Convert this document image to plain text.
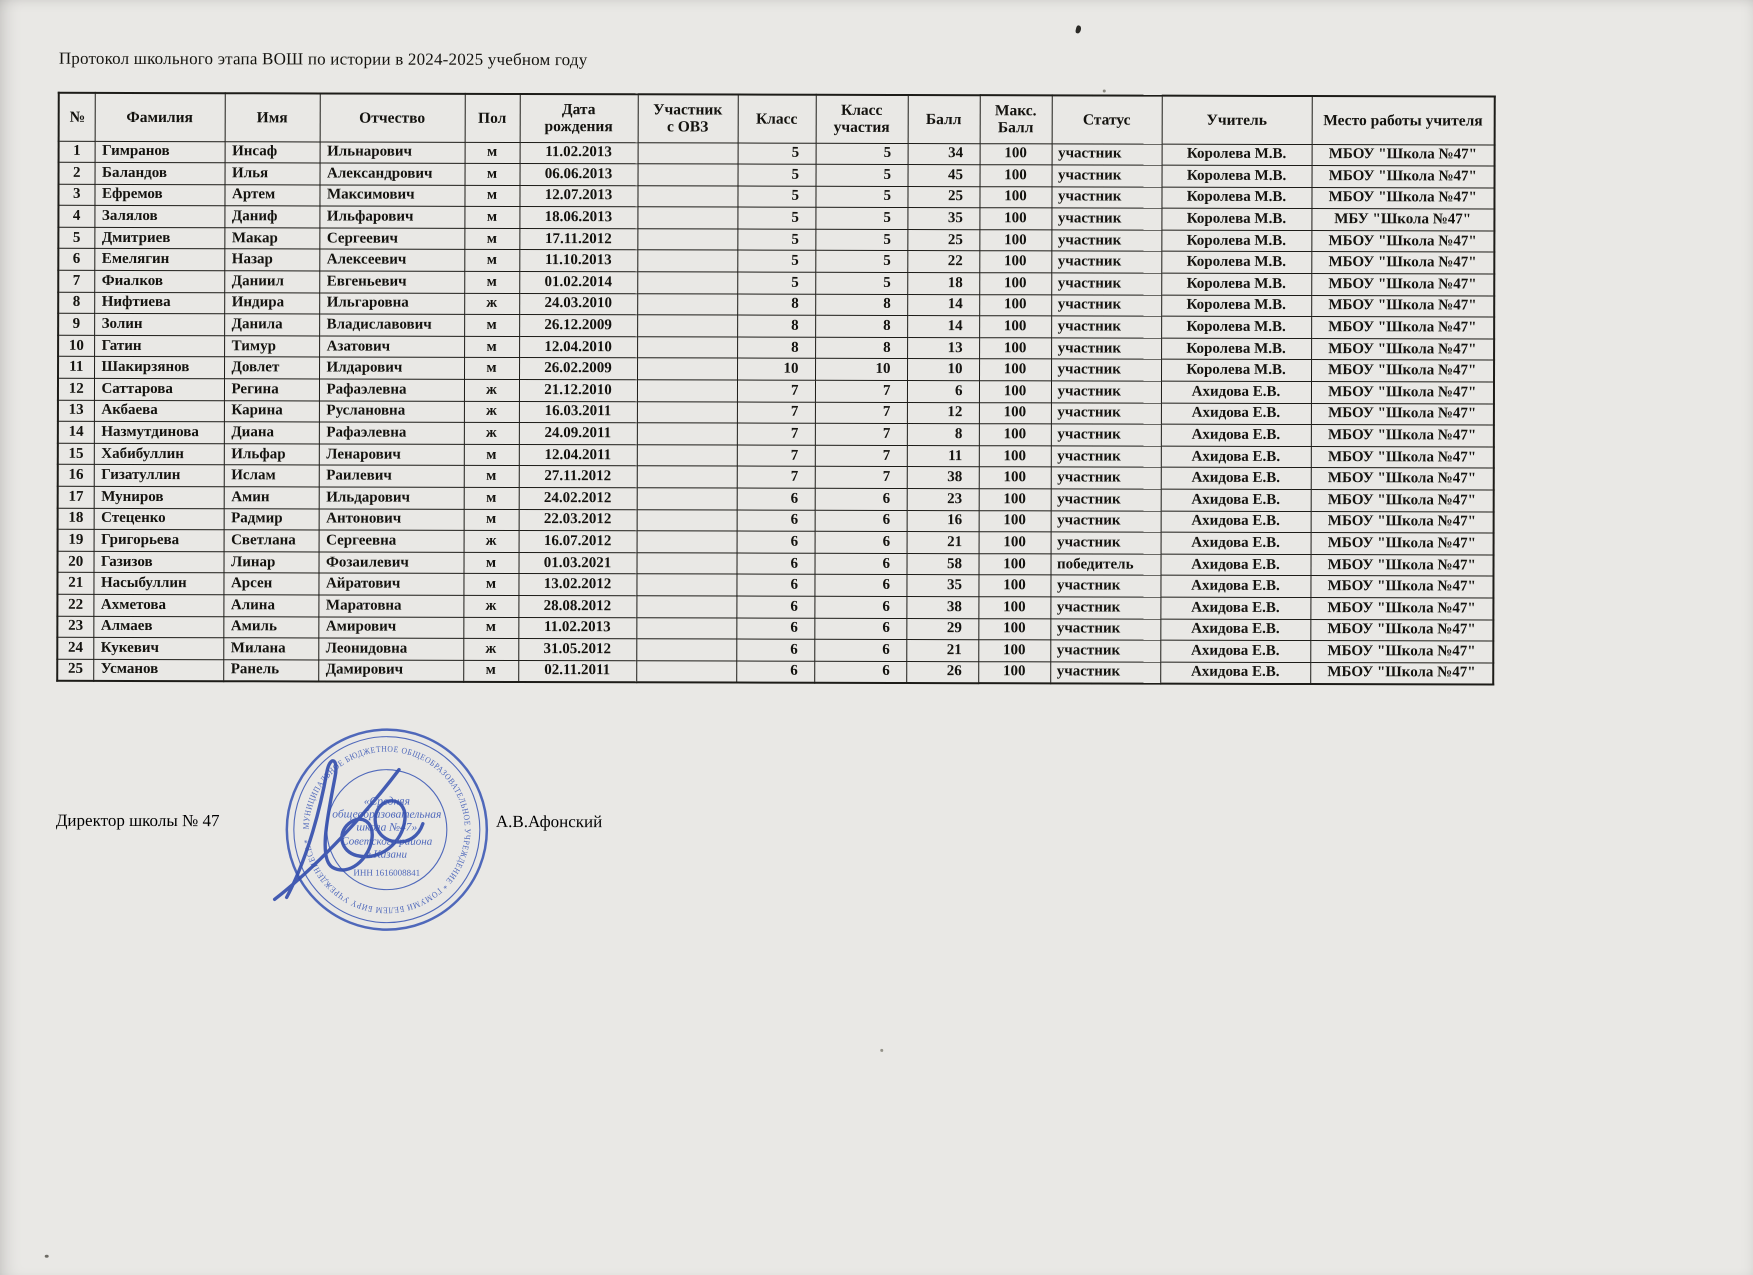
Протокол школьного этапа ВОШ по истории в 2024-2025 учебном году
№	Фамилия	Имя	Отчество	Пол	Дата рождения	Участник с ОВЗ	Класс	Класс участия	Балл	Макс. Балл	Статус	Учитель	Место работы учителя
1	Гимранов	Инсаф	Ильнарович	м	11.02.2013		5	5	34	100	участник	Королева М.В.	МБОУ "Школа №47"
2	Баландов	Илья	Александрович	м	06.06.2013		5	5	45	100	участник	Королева М.В.	МБОУ "Школа №47"
3	Ефремов	Артем	Максимович	м	12.07.2013		5	5	25	100	участник	Королева М.В.	МБОУ "Школа №47"
4	Залялов	Даниф	Ильфарович	м	18.06.2013		5	5	35	100	участник	Королева М.В.	МБУ "Школа №47"
5	Дмитриев	Макар	Сергеевич	м	17.11.2012		5	5	25	100	участник	Королева М.В.	МБОУ "Школа №47"
6	Емелягин	Назар	Алексеевич	м	11.10.2013		5	5	22	100	участник	Королева М.В.	МБОУ "Школа №47"
7	Фиалков	Даниил	Евгеньевич	м	01.02.2014		5	5	18	100	участник	Королева М.В.	МБОУ "Школа №47"
8	Нифтиева	Индира	Ильгаровна	ж	24.03.2010		8	8	14	100	участник	Королева М.В.	МБОУ "Школа №47"
9	Золин	Данила	Владиславович	м	26.12.2009		8	8	14	100	участник	Королева М.В.	МБОУ "Школа №47"
10	Гатин	Тимур	Азатович	м	12.04.2010		8	8	13	100	участник	Королева М.В.	МБОУ "Школа №47"
11	Шакирзянов	Довлет	Илдарович	м	26.02.2009		10	10	10	100	участник	Королева М.В.	МБОУ "Школа №47"
12	Саттарова	Регина	Рафаэлевна	ж	21.12.2010		7	7	6	100	участник	Ахидова Е.В.	МБОУ "Школа №47"
13	Акбаева	Карина	Руслановна	ж	16.03.2011		7	7	12	100	участник	Ахидова Е.В.	МБОУ "Школа №47"
14	Назмутдинова	Диана	Рафаэлевна	ж	24.09.2011		7	7	8	100	участник	Ахидова Е.В.	МБОУ "Школа №47"
15	Хабибуллин	Ильфар	Ленарович	м	12.04.2011		7	7	11	100	участник	Ахидова Е.В.	МБОУ "Школа №47"
16	Гизатуллин	Ислам	Раилевич	м	27.11.2012		7	7	38	100	участник	Ахидова Е.В.	МБОУ "Школа №47"
17	Муниров	Амин	Ильдарович	м	24.02.2012		6	6	23	100	участник	Ахидова Е.В.	МБОУ "Школа №47"
18	Стеценко	Радмир	Антонович	м	22.03.2012		6	6	16	100	участник	Ахидова Е.В.	МБОУ "Школа №47"
19	Григорьева	Светлана	Сергеевна	ж	16.07.2012		6	6	21	100	участник	Ахидова Е.В.	МБОУ "Школа №47"
20	Газизов	Линар	Фозаилевич	м	01.03.2021		6	6	58	100	победитель	Ахидова Е.В.	МБОУ "Школа №47"
21	Насыбуллин	Арсен	Айратович	м	13.02.2012		6	6	35	100	участник	Ахидова Е.В.	МБОУ "Школа №47"
22	Ахметова	Алина	Маратовна	ж	28.08.2012		6	6	38	100	участник	Ахидова Е.В.	МБОУ "Школа №47"
23	Алмаев	Амиль	Амирович	м	11.02.2013		6	6	29	100	участник	Ахидова Е.В.	МБОУ "Школа №47"
24	Кукевич	Милана	Леонидовна	ж	31.05.2012		6	6	21	100	участник	Ахидова Е.В.	МБОУ "Школа №47"
25	Усманов	Ранель	Дамирович	м	02.11.2011		6	6	26	100	участник	Ахидова Е.В.	МБОУ "Школа №47"
Директор школы № 47	А.В.Афонский
МУНИЦИПАЛЬНОЕ БЮДЖЕТНОЕ ОБЩЕОБРАЗОВАТЕЛЬНОЕ УЧРЕЖДЕНИЕ * ГОМУМИ БЕЛЕМ БИРҮ УЧРЕЖДЕНИЕСЕ *
«Средняя
общеобразовательная
школа №47»
Советского района
г.Казани
ИНН 1616008841
